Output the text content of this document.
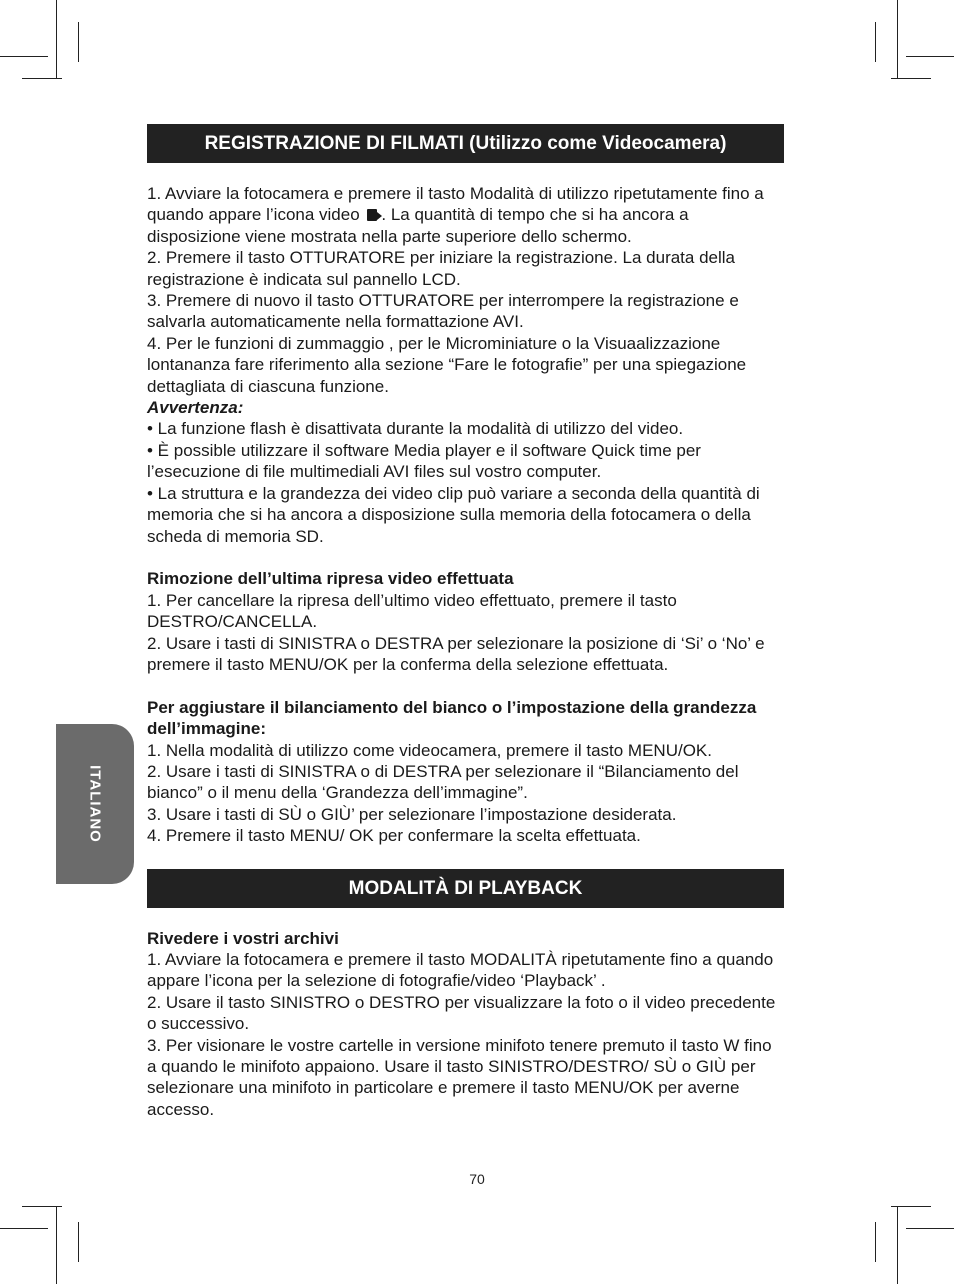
ITALIANO
REGISTRAZIONE DI FILMATI (Utilizzo come Videocamera)

1. Avviare la fotocamera e premere il tasto Modalità di utilizzo ripetutamente fino a quando appare l’icona video . La quantità di tempo che si ha ancora a disposizione viene mostrata nella parte superiore dello schermo.

2. Premere il tasto OTTURATORE per iniziare la registrazione. La durata della registrazione è indicata sul pannello LCD.

3. Premere di nuovo il tasto OTTURATORE per interrompere la registrazione e salvarla automaticamente nella formattazione AVI.

4. Per le funzioni di zummaggio , per le Microminiature o la Visuaalizzazione lontananza fare riferimento alla sezione “Fare le fotografie” per una spiegazione dettagliata di ciascuna funzione.

Avvertenza:

• La funzione flash è disattivata durante la modalità di utilizzo del video.

• È possible utilizzare il software Media player e il software Quick time per l’esecuzione di file multimediali AVI files sul vostro computer.

• La struttura e la grandezza dei video clip può variare a seconda della quantità di memoria che si ha ancora a disposizione sulla memoria della fotocamera o della scheda di memoria SD.

Rimozione dell’ultima ripresa video effettuata

1. Per cancellare la ripresa dell’ultimo video effettuato, premere il tasto DESTRO/CANCELLA.

2. Usare i tasti di SINISTRA o DESTRA per selezionare la posizione di ‘Si’ o ‘No’ e premere il tasto MENU/OK per la conferma della selezione effettuata.

Per aggiustare il bilanciamento del bianco o l’impostazione della grandezza dell’immagine:

1. Nella modalità di utilizzo come videocamera, premere il tasto MENU/OK.

2. Usare i tasti di SINISTRA o di DESTRA per selezionare il “Bilanciamento del bianco” o il menu della ‘Grandezza dell’immagine”.

3. Usare i tasti di SÙ o GIÙ’ per selezionare l’impostazione desiderata.

4. Premere il tasto MENU/ OK per confermare la scelta effettuata.

MODALITÀ DI PLAYBACK

Rivedere i vostri archivi

1. Avviare la fotocamera e premere il tasto MODALITÀ ripetutamente fino a quando appare l’icona per la selezione di fotografie/video ‘Playback’ .

2. Usare il tasto SINISTRO o DESTRO per visualizzare la foto o il video precedente o successivo.

3. Per visionare le vostre cartelle in versione minifoto tenere premuto il tasto W fino a quando le minifoto appaiono. Usare il tasto SINISTRO/DESTRO/ SÙ o GIÙ per selezionare una minifoto in particolare e premere il tasto MENU/OK per averne accesso.

70
